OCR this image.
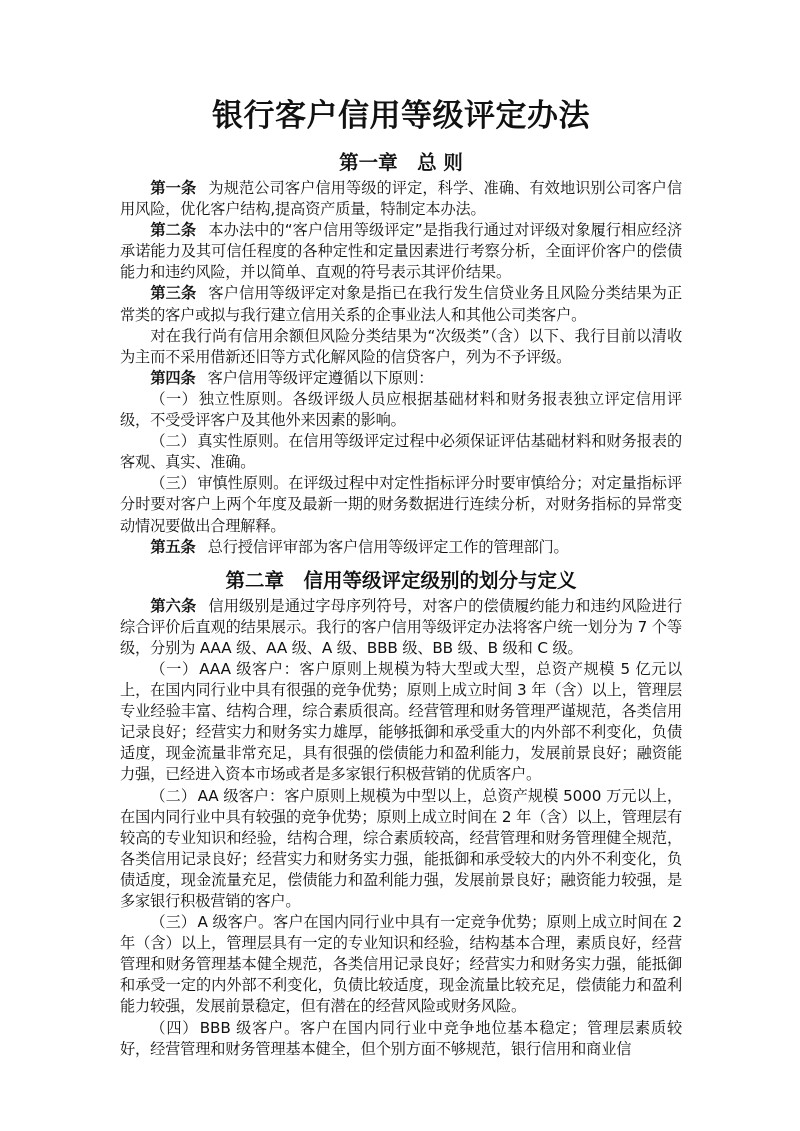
银行客户信用等级评定办法
第一章　总 则

第一条 为规范公司客户信用等级的评定，科学、准确、有效地识别公司客户信用风险，优化客户结构,提高资产质量，特制定本办法。

第二条 本办法中的“客户信用等级评定”是指我行通过对评级对象履行相应经济承诺能力及其可信任程度的各种定性和定量因素进行考察分析，全面评价客户的偿债能力和违约风险，并以简单、直观的符号表示其评价结果。

第三条 客户信用等级评定对象是指已在我行发生信贷业务且风险分类结果为正常类的客户或拟与我行建立信用关系的企事业法人和其他公司类客户。

对在我行尚有信用余额但风险分类结果为“次级类”（含）以下、我行目前以清收为主而不采用借新还旧等方式化解风险的信贷客户，列为不予评级。

第四条 客户信用等级评定遵循以下原则：

（一）独立性原则。各级评级人员应根据基础材料和财务报表独立评定信用评级，不受受评客户及其他外来因素的影响。

（二）真实性原则。在信用等级评定过程中必须保证评估基础材料和财务报表的客观、真实、准确。

（三）审慎性原则。在评级过程中对定性指标评分时要审慎给分；对定量指标评分时要对客户上两个年度及最新一期的财务数据进行连续分析，对财务指标的异常变动情况要做出合理解释。

第五条 总行授信评审部为客户信用等级评定工作的管理部门。

第二章　信用等级评定级别的划分与定义

第六条 信用级别是通过字母序列符号，对客户的偿债履约能力和违约风险进行综合评价后直观的结果展示。我行的客户信用等级评定办法将客户统一划分为 7 个等级，分别为 AAA 级、AA 级、A 级、BBB 级、BB 级、B 级和 C 级。

（一）AAA 级客户：客户原则上规模为特大型或大型，总资产规模 5 亿元以上，在国内同行业中具有很强的竞争优势；原则上成立时间 3 年（含）以上，管理层专业经验丰富、结构合理，综合素质很高。经营管理和财务管理严谨规范，各类信用记录良好；经营实力和财务实力雄厚，能够抵御和承受重大的内外部不利变化，负债适度，现金流量非常充足，具有很强的偿债能力和盈利能力，发展前景良好；融资能力强，已经进入资本市场或者是多家银行积极营销的优质客户。

（二）AA 级客户：客户原则上规模为中型以上，总资产规模 5000 万元以上，在国内同行业中具有较强的竞争优势；原则上成立时间在 2 年（含）以上，管理层有较高的专业知识和经验，结构合理，综合素质较高，经营管理和财务管理健全规范，各类信用记录良好；经营实力和财务实力强，能抵御和承受较大的内外不利变化，负债适度，现金流量充足，偿债能力和盈利能力强，发展前景良好；融资能力较强，是多家银行积极营销的客户。

（三）A 级客户。客户在国内同行业中具有一定竞争优势；原则上成立时间在 2 年（含）以上，管理层具有一定的专业知识和经验，结构基本合理，素质良好，经营管理和财务管理基本健全规范，各类信用记录良好；经营实力和财务实力强，能抵御和承受一定的内外部不利变化，负债比较适度，现金流量比较充足，偿债能力和盈利能力较强，发展前景稳定，但有潜在的经营风险或财务风险。

（四）BBB 级客户。客户在国内同行业中竞争地位基本稳定；管理层素质较好，经营管理和财务管理基本健全，但个别方面不够规范，银行信用和商业信
